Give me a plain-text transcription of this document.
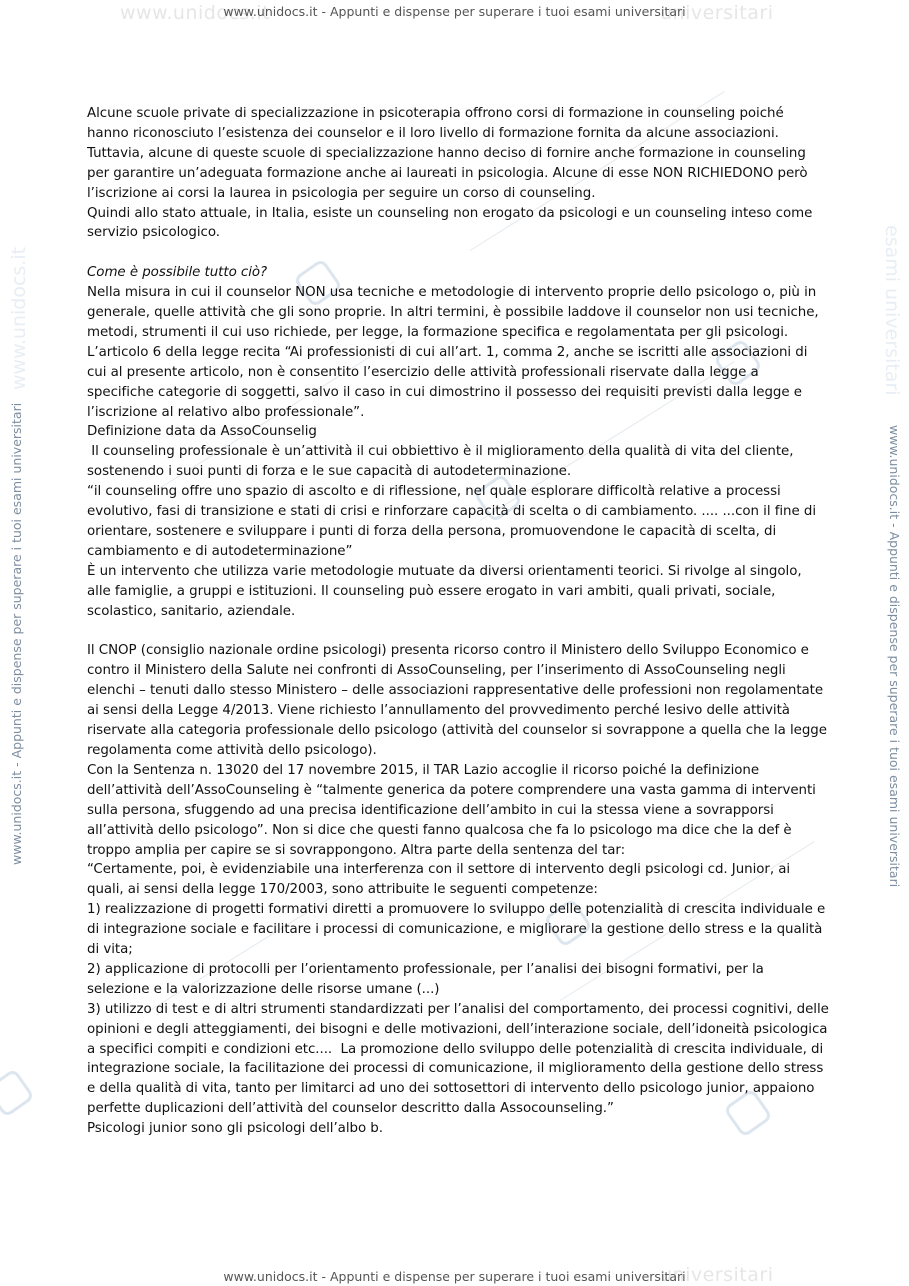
www.unidocs.it	universitari
www.unidocs.it - Appunti e dispense per superare i tuoi esami universitari
universitari
www.unidocs.it - Appunti e dispense per superare i tuoi esami universitari
www.unidocs.it
www.unidocs.it - Appunti e dispense per superare i tuoi esami universitari
esami universitari
www.unidocs.it - Appunti e dispense per superare i tuoi esami universitari

Alcune scuole private di specializzazione in psicoterapia offrono corsi di formazione in counseling poiché hanno riconosciuto l’esistenza dei counselor e il loro livello di formazione fornita da alcune associazioni. Tuttavia, alcune di queste scuole di specializzazione hanno deciso di fornire anche formazione in counseling per garantire un’adeguata formazione anche ai laureati in psicologia. Alcune di esse NON RICHIEDONO però l’iscrizione ai corsi la laurea in psicologia per seguire un corso di counseling.

Quindi allo stato attuale, in Italia, esiste un counseling non erogato da psicologi e un counseling inteso come servizio psicologico.

Come è possibile tutto ciò?

Nella misura in cui il counselor NON usa tecniche e metodologie di intervento proprie dello psicologo o, più in generale, quelle attività che gli sono proprie. In altri termini, è possibile laddove il counselor non usi tecniche, metodi, strumenti il cui uso richiede, per legge, la formazione specifica e regolamentata per gli psicologi.

L’articolo 6 della legge recita “Ai professionisti di cui all’art. 1, comma 2, anche se iscritti alle associazioni di cui al presente articolo, non è consentito l’esercizio delle attività professionali riservate dalla legge a specifiche categorie di soggetti, salvo il caso in cui dimostrino il possesso dei requisiti previsti dalla legge e l’iscrizione al relativo albo professionale”.

Definizione data da AssoCounselig

Il counseling professionale è un’attività il cui obbiettivo è il miglioramento della qualità di vita del cliente, sostenendo i suoi punti di forza e le sue capacità di autodeterminazione.

“il counseling offre uno spazio di ascolto e di riflessione, nel quale esplorare difficoltà relative a processi evolutivo, fasi di transizione e stati di crisi e rinforzare capacità di scelta o di cambiamento. .... ...con il fine di orientare, sostenere e sviluppare i punti di forza della persona, promuovendone le capacità di scelta, di cambiamento e di autodeterminazione”

È un intervento che utilizza varie metodologie mutuate da diversi orientamenti teorici. Si rivolge al singolo, alle famiglie, a gruppi e istituzioni. Il counseling può essere erogato in vari ambiti, quali privati, sociale, scolastico, sanitario, aziendale.

Il CNOP (consiglio nazionale ordine psicologi) presenta ricorso contro il Ministero dello Sviluppo Economico e contro il Ministero della Salute nei confronti di AssoCounseling, per l’inserimento di AssoCounseling negli elenchi – tenuti dallo stesso Ministero – delle associazioni rappresentative delle professioni non regolamentate ai sensi della Legge 4/2013. Viene richiesto l’annullamento del provvedimento perché lesivo delle attività riservate alla categoria professionale dello psicologo (attività del counselor si sovrappone a quella che la legge regolamenta come attività dello psicologo).

Con la Sentenza n. 13020 del 17 novembre 2015, il TAR Lazio accoglie il ricorso poiché la definizione dell’attività dell’AssoCounseling è “talmente generica da potere comprendere una vasta gamma di interventi sulla persona, sfuggendo ad una precisa identificazione dell’ambito in cui la stessa viene a sovrapporsi all’attività dello psicologo”. Non si dice che questi fanno qualcosa che fa lo psicologo ma dice che la def è troppo amplia per capire se si sovrappongono. Altra parte della sentenza del tar:

“Certamente, poi, è evidenziabile una interferenza con il settore di intervento degli psicologi cd. Junior, ai quali, ai sensi della legge 170/2003, sono attribuite le seguenti competenze:

1) realizzazione di progetti formativi diretti a promuovere lo sviluppo delle potenzialità di crescita individuale e di integrazione sociale e facilitare i processi di comunicazione, e migliorare la gestione dello stress e la qualità di vita;

2) applicazione di protocolli per l’orientamento professionale, per l’analisi dei bisogni formativi, per la selezione e la valorizzazione delle risorse umane (...)

3) utilizzo di test e di altri strumenti standardizzati per l’analisi del comportamento, dei processi cognitivi, delle opinioni e degli atteggiamenti, dei bisogni e delle motivazioni, dell’interazione sociale, dell’idoneità psicologica a specifici compiti e condizioni etc....  La promozione dello sviluppo delle potenzialità di crescita individuale, di integrazione sociale, la facilitazione dei processi di comunicazione, il miglioramento della gestione dello stress e della qualità di vita, tanto per limitarci ad uno dei sottosettori di intervento dello psicologo junior, appaiono perfette duplicazioni dell’attività del counselor descritto dalla Assocounseling.”

Psicologi junior sono gli psicologi dell’albo b.
